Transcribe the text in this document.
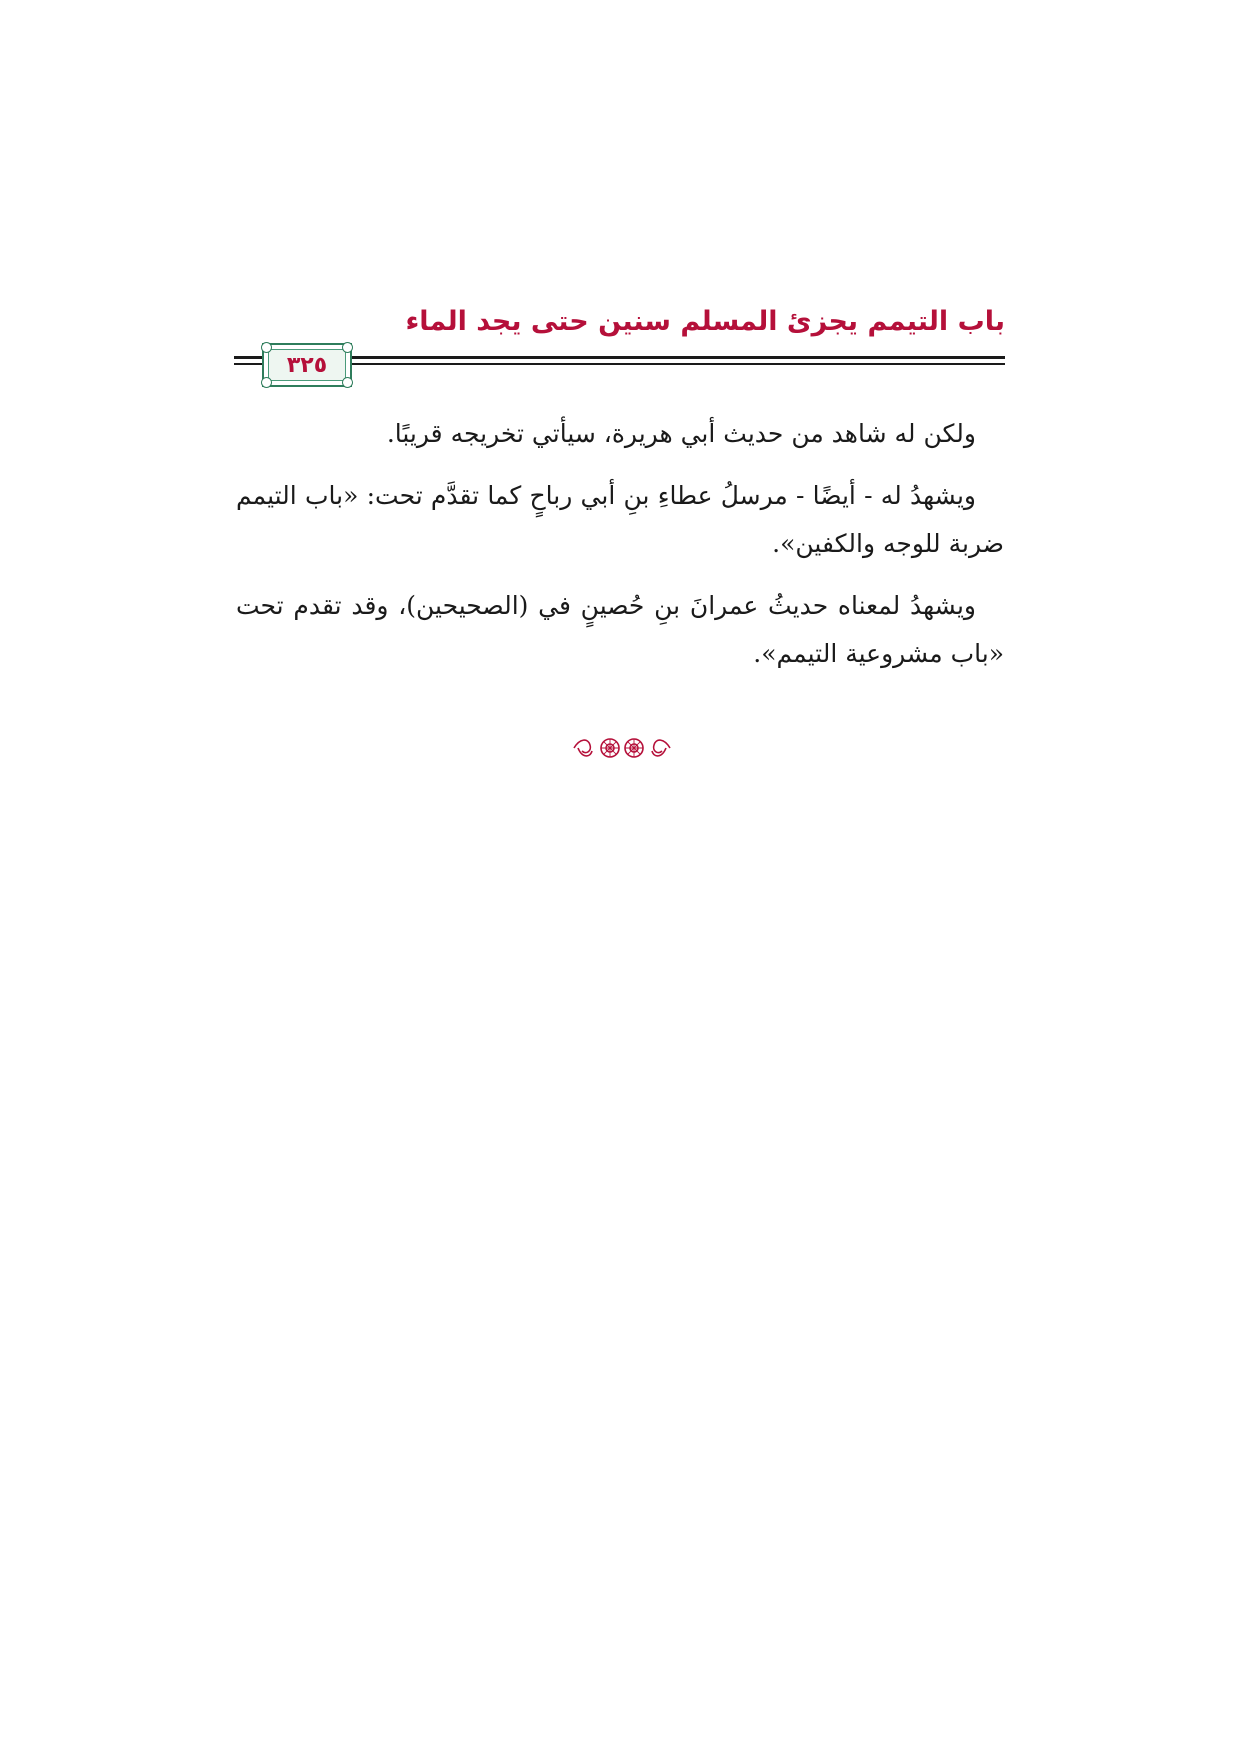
باب التيمم يجزئ المسلم سنين حتى يجد الماء
٣٢٥

ولكن له شاهد من حديث أبي هريرة، سيأتي تخريجه قريبًا.

ويشهدُ له - أيضًا - مرسلُ عطاءِ بنِ أبي رباحٍ كما تقدَّم تحت: «باب التيمم ضربة للوجه والكفين».

ويشهدُ لمعناه حديثُ عمرانَ بنِ حُصينٍ في (الصحيحين)، وقد تقدم تحت «باب مشروعية التيمم».
